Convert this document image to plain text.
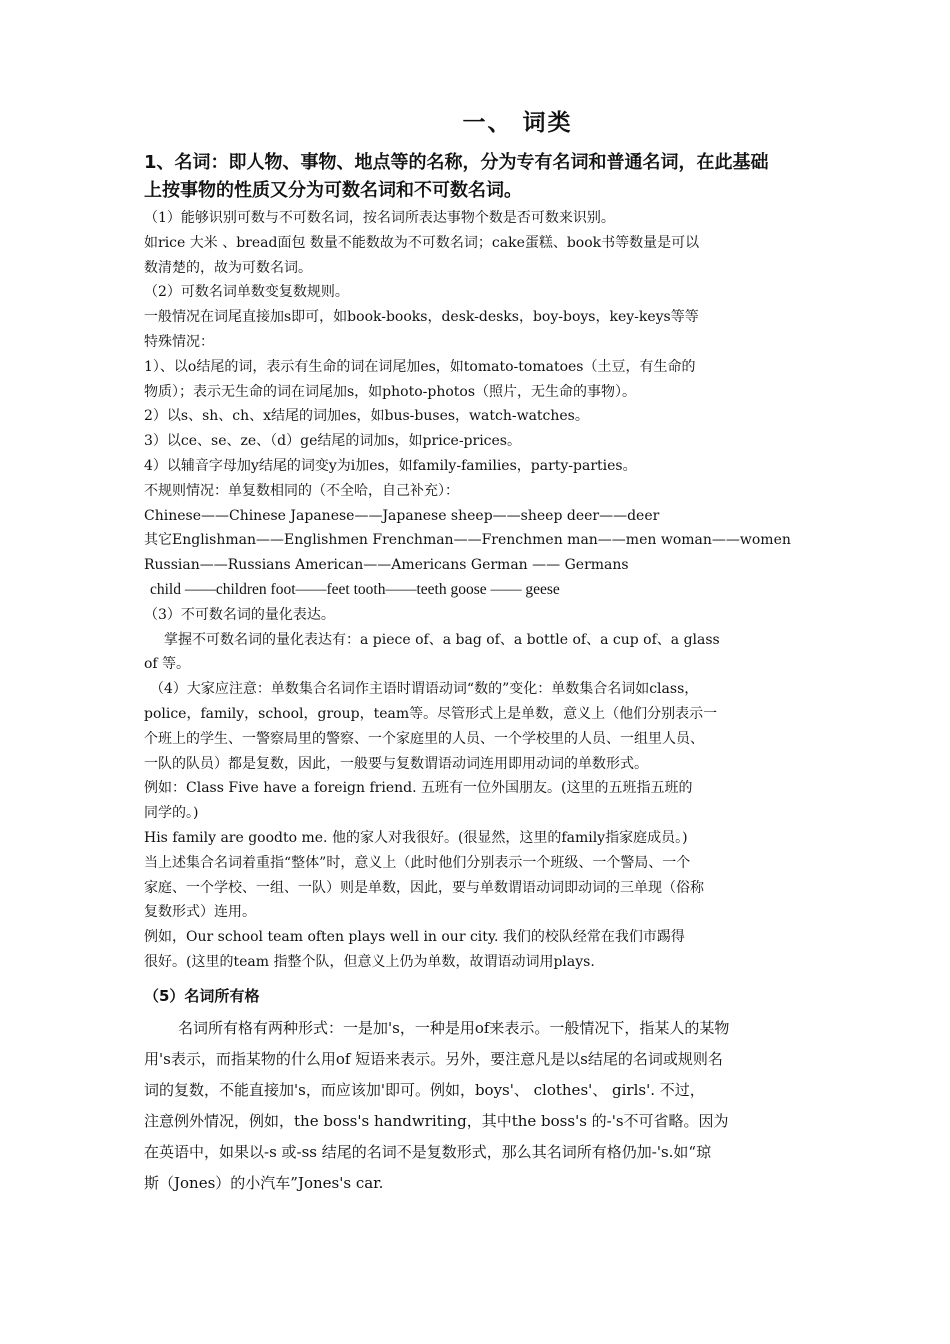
一、 词类
1、名词：即人物、事物、地点等的名称，分为专有名词和普通名词，在此基础
上按事物的性质又分为可数名词和不可数名词。

（1）能够识别可数与不可数名词，按名词所表达事物个数是否可数来识别。

如rice 大米 、bread面包 数量不能数故为不可数名词；cake蛋糕、book书等数量是可以

数清楚的，故为可数名词。

（2）可数名词单数变复数规则。

一般情况在词尾直接加s即可，如book-books，desk-desks，boy-boys，key-keys等等

特殊情况：

1）、以o结尾的词，表示有生命的词在词尾加es，如tomato-tomatoes（土豆，有生命的

物质）；表示无生命的词在词尾加s，如photo-photos（照片，无生命的事物）。

2）以s、sh、ch、x结尾的词加es，如bus-buses，watch-watches。

3）以ce、se、ze、（d）ge结尾的词加s，如price-prices。

4）以辅音字母加y结尾的词变y为i加es，如family-families，party-parties。

不规则情况：单复数相同的（不全哈，自己补充）：

Chinese——Chinese Japanese——Japanese sheep——sheep deer——deer

其它Englishman——Englishmen Frenchman——Frenchmen man——men woman——women

Russian——Russians American——Americans German —— Germans

child ——children foot——feet tooth——teeth goose —— geese

（3）不可数名词的量化表达。

掌握不可数名词的量化表达有：a piece of、a bag of、a bottle of、a cup of、a glass

of 等。

（4）大家应注意：单数集合名词作主语时谓语动词“数的”变化：单数集合名词如class，

police，family，school，group，team等。尽管形式上是单数，意义上（他们分别表示一

个班上的学生、一警察局里的警察、一个家庭里的人员、一个学校里的人员、一组里人员、

一队的队员）都是复数，因此，一般要与复数谓语动词连用即用动词的单数形式。

例如：Class Five have a foreign friend. 五班有一位外国朋友。(这里的五班指五班的

同学的。)

His family are goodto me. 他的家人对我很好。(很显然，这里的family指家庭成员。)

当上述集合名词着重指“整体”时，意义上（此时他们分别表示一个班级、一个警局、一个

家庭、一个学校、一组、一队）则是单数，因此，要与单数谓语动词即动词的三单现（俗称

复数形式）连用。

例如，Our school team often plays well in our city. 我们的校队经常在我们市踢得

很好。(这里的team 指整个队，但意义上仍为单数，故谓语动词用plays.

（5）名词所有格

名词所有格有两种形式：一是加's，一种是用of来表示。一般情况下，指某人的某物

用's表示，而指某物的什么用of 短语来表示。另外，要注意凡是以s结尾的名词或规则名

词的复数，不能直接加's，而应该加'即可。例如，boys'、 clothes'、 girls'. 不过，

注意例外情况，例如，the boss's handwriting，其中the boss's 的-'s不可省略。因为

在英语中，如果以-s 或-ss 结尾的名词不是复数形式，那么其名词所有格仍加-'s.如“琼

斯（Jones）的小汽车”Jones's car.
